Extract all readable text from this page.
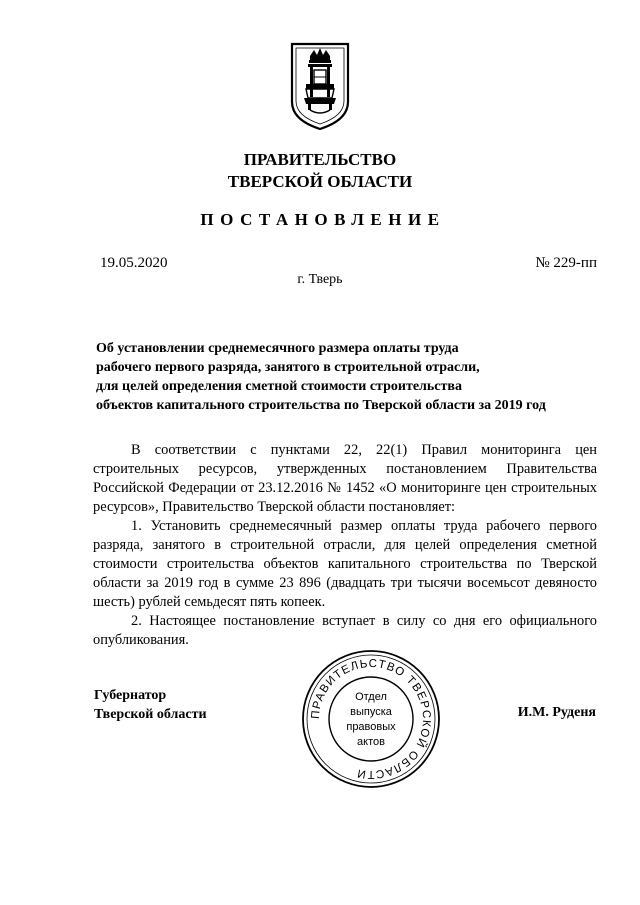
ПРАВИТЕЛЬСТВО
ТВЕРСКОЙ ОБЛАСТИ
ПОСТАНОВЛЕНИЕ
19.05.2020	№ 229-пп
г. Тверь
Об установлении среднемесячного размера оплаты труда
рабочего первого разряда, занятого в строительной отрасли,
для целей определения сметной стоимости строительства
объектов капитального строительства по Тверской области за 2019 год

В соответствии с пунктами 22, 22(1) Правил мониторинга цен строительных ресурсов, утвержденных постановлением Правительства Российской Федерации от 23.12.2016 № 1452 «О мониторинге цен строительных ресурсов», Правительство Тверской области постановляет:

1. Установить среднемесячный размер оплаты труда рабочего первого разряда, занятого в строительной отрасли, для целей определения сметной стоимости строительства объектов капитального строительства по Тверской области за 2019 год в сумме 23 896 (двадцать три тысячи восемьсот девяносто шесть) рублей семьдесят пять копеек.

2. Настоящее постановление вступает в силу со дня его официального опубликования.

Губернатор
Тверской области	ПРАВИТЕЛЬСТВО ТВЕРСКОЙ ОБЛАСТИ
Отдел
выпуска
правовых
актов
И.М. Руденя
